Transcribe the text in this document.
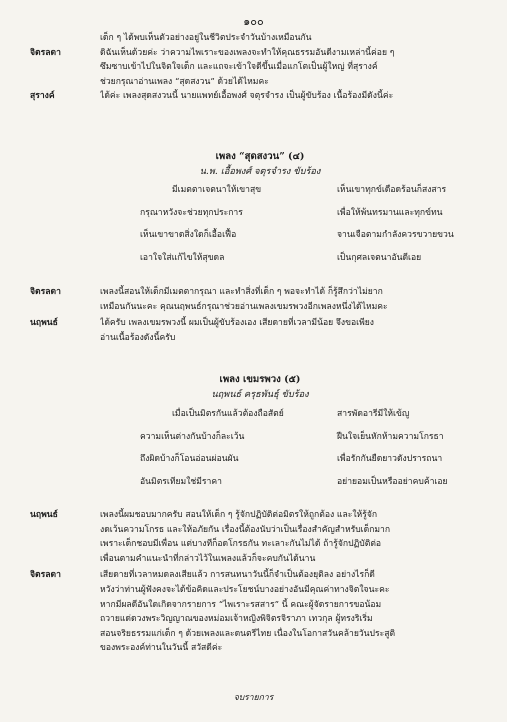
๑๐๐
เด็ก ๆ ได้พบเห็นตัวอย่างอยู่ในชีวิตประจำวันบ้างเหมือนกัน
จิตรลดา	ดิฉันเห็นด้วยค่ะ ว่าความไพเราะของเพลงจะทำให้คุณธรรมอันดีงามเหล่านี้ค่อย ๆ
ซึมซาบเข้าไปในจิตใจเด็ก และแถจะเข้าใจดีขึ้นเมื่อแกโตเป็นผู้ใหญ่ ที่สุรางค์
ช่วยกรุณาอ่านเพลง “สุดสงวน” ด้วยได้ไหมคะ
สุรางค์	ได้ค่ะ เพลงสุดสงวนนี้ นายแพทย์เอื้อพงศ์ จตุรจำรง เป็นผู้ขับร้อง เนื้อร้องมีดังนี้ค่ะ
เพลง “สุดสงวน” (๔)
น.พ. เอื้อพงศ์ จตุรจำรง ขับร้อง
มีเมตตาเจตนาให้เขาสุข	เห็นเขาทุกข์เดือดร้อนก็สงสาร
กรุณาหวังจะช่วยทุกประการ	เพื่อให้พ้นทรมานและทุกข์ทน
เห็นเขาขาดสิ่งใดก็เอื้อเฟื้อ	จานเจือตามกำลังควรขวายขวน
เอาใจใส่แก้ไขให้สุขดล	เป็นกุศลเจตนาอันดีเอย
จิตรลดา	เพลงนี้สอนให้เด็กมีเมตตากรุณา และทำสิ่งที่เด็ก ๆ พอจะทำได้ ก็รู้สึกว่าไม่ยาก
เหมือนกันนะคะ คุณนฤพนธ์กรุณาช่วยอ่านเพลงเขมรพวงอีกเพลงหนึ่งได้ไหมคะ
นฤพนธ์	ได้ครับ เพลงเขมรพวงนี้ ผมเป็นผู้ขับร้องเอง เสียดายที่เวลามีน้อย จึงขอเพียง
อ่านเนื้อร้องดังนี้ครับ
เพลง เขมรพวง (๕)
นฤพนธ์ ครุธพันธุ์ ขับร้อง
เมื่อเป็นมิตรกันแล้วต้องถือสัตย์	สารพัดอารีมีให้เข้ญู
ความเห็นต่างกันบ้างก็ละเว้น	ฝืนใจเย็นหักห้ามความโกรธา
ถึงผิดบ้างก็โอนอ่อนผ่อนผัน	เพื่อรักกันยืดยาวดังปรารถนา
อันมิตรเทียมใช่มีราคา	อย่ายอมเป็นหรืออย่าคบค้าเอย
นฤพนธ์	เพลงนี้ผมชอบมากครับ สอนให้เด็ก ๆ รู้จักปฏิบัติต่อมิตรให้ถูกต้อง และให้รู้จัก
งดเว้นความโกรธ และให้อภัยกัน เรื่องนี้ต้องนับว่าเป็นเรื่องสำคัญสำหรับเด็กมาก
เพราะเด็กชอบมีเพื่อน แต่บางทีก็อดโกรธกัน ทะเลาะกันไม่ได้ ถ้ารู้จักปฏิบัติต่อ
เพื่อนตามคำแนะนำที่กล่าวไว้ในเพลงแล้วก็จะคบกันได้นาน
จิตรลดา	เสียดายที่เวลาหมดลงเสียแล้ว การสนทนาวันนี้ก็จำเป็นต้องยุติลง อย่างไรก็ดี
หวังว่าท่านผู้ฟังคงจะได้ข้อคิดและประโยชน์บางอย่างอันมีคุณค่าทางจิตใจนะคะ
หากมีผลดีอันใดเกิดจากรายการ “ไพเราะรสสาร” นี้ คณะผู้จัดรายการขอน้อม
ถวายแด่ดวงพระวิญญาณของหม่อมเจ้าหญิงพิจิตรจิราภา เทวกุล ผู้ทรงริเริ่ม
สอนจริยธรรมแก่เด็ก ๆ ด้วยเพลงและดนตรีไทย เนื่องในโอกาสวันคล้ายวันประสูติ
ของพระองค์ท่านในวันนี้ สวัสดีค่ะ
จบรายการ
